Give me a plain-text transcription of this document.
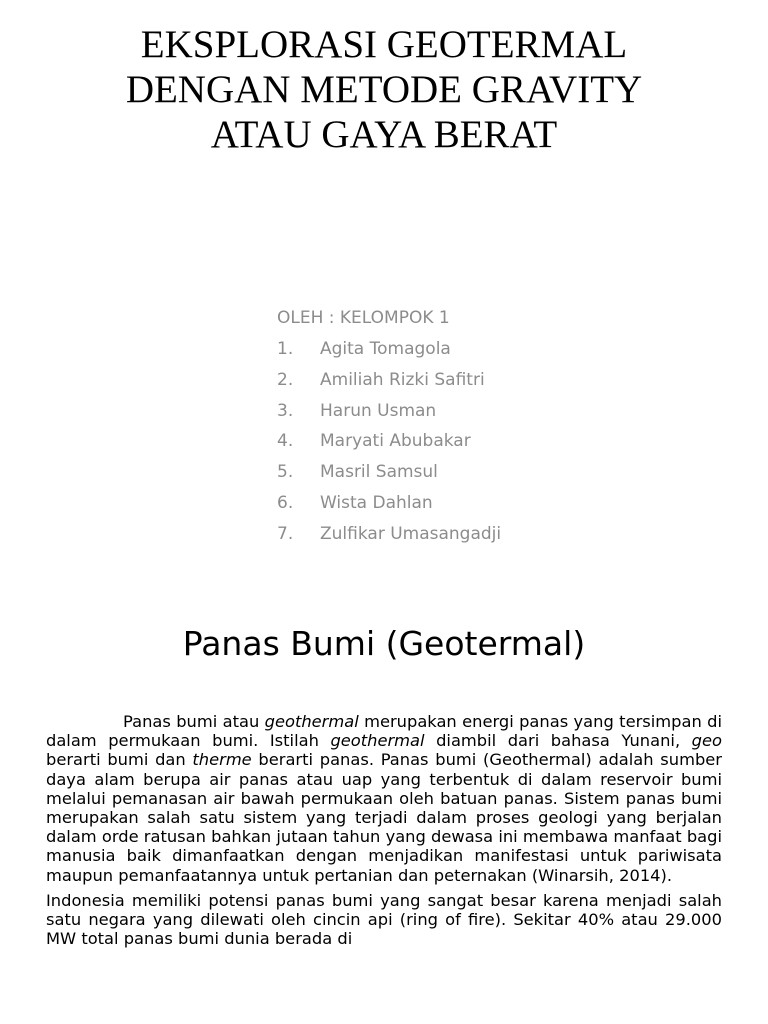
EKSPLORASI GEOTERMAL
DENGAN METODE GRAVITY
ATAU GAYA BERAT
OLEH : KELOMPOK 1
1. Agita Tomagola
2. Amiliah Rizki Safitri
3. Harun Usman
4. Maryati Abubakar
5. Masril Samsul
6. Wista Dahlan
7. Zulfikar Umasangadji
Panas Bumi (Geotermal)

Panas bumi atau geothermal merupakan energi panas yang tersimpan di dalam permukaan bumi. Istilah geothermal diambil dari bahasa Yunani, geo berarti bumi dan therme berarti panas. Panas bumi (Geothermal) adalah sumber daya alam berupa air panas atau uap yang terbentuk di dalam reservoir bumi melalui pemanasan air bawah permukaan oleh batuan panas. Sistem panas bumi merupakan salah satu sistem yang terjadi dalam proses geologi yang berjalan dalam orde ratusan bahkan jutaan tahun yang dewasa ini membawa manfaat bagi manusia baik dimanfaatkan dengan menjadikan manifestasi untuk pariwisata maupun pemanfaatannya untuk pertanian dan peternakan (Winarsih, 2014).

Indonesia memiliki potensi panas bumi yang sangat besar karena menjadi salah satu negara yang dilewati oleh cincin api (ring of fire). Sekitar 40% atau 29.000 MW total panas bumi dunia berada di
